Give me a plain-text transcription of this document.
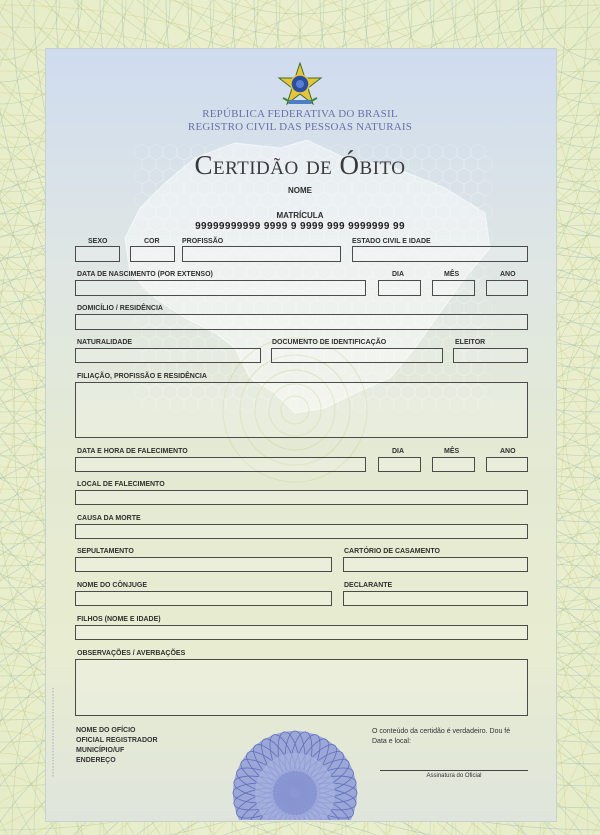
REPÚBLICA FEDERATIVA DO BRASIL
REGISTRO CIVIL DAS PESSOAS NATURAIS
Certidão de Óbito
NOME
MATRÍCULA
99999999999 9999 9 9999 999 9999999 99
SEXO	COR	PROFISSÃO	ESTADO CIVIL E IDADE
DATA DE NASCIMENTO (POR EXTENSO)	DIA	MÊS	ANO
DOMICÍLIO / RESIDÊNCIA
NATURALIDADE	DOCUMENTO DE IDENTIFICAÇÃO	ELEITOR
FILIAÇÃO, PROFISSÃO E RESIDÊNCIA
DATA E HORA DE FALECIMENTO	DIA	MÊS	ANO
LOCAL DE FALECIMENTO
CAUSA DA MORTE
SEPULTAMENTO	CARTÓRIO DE CASAMENTO
NOME DO CÔNJUGE	DECLARANTE
FILHOS (NOME E IDADE)
OBSERVAÇÕES / AVERBAÇÕES
NOME DO OFÍCIO
OFICIAL REGISTRADOR
MUNICÍPIO/UF
ENDEREÇO
O conteúdo da certidão é verdadeiro. Dou fé
Data e local:
Assinatura do Oficial
